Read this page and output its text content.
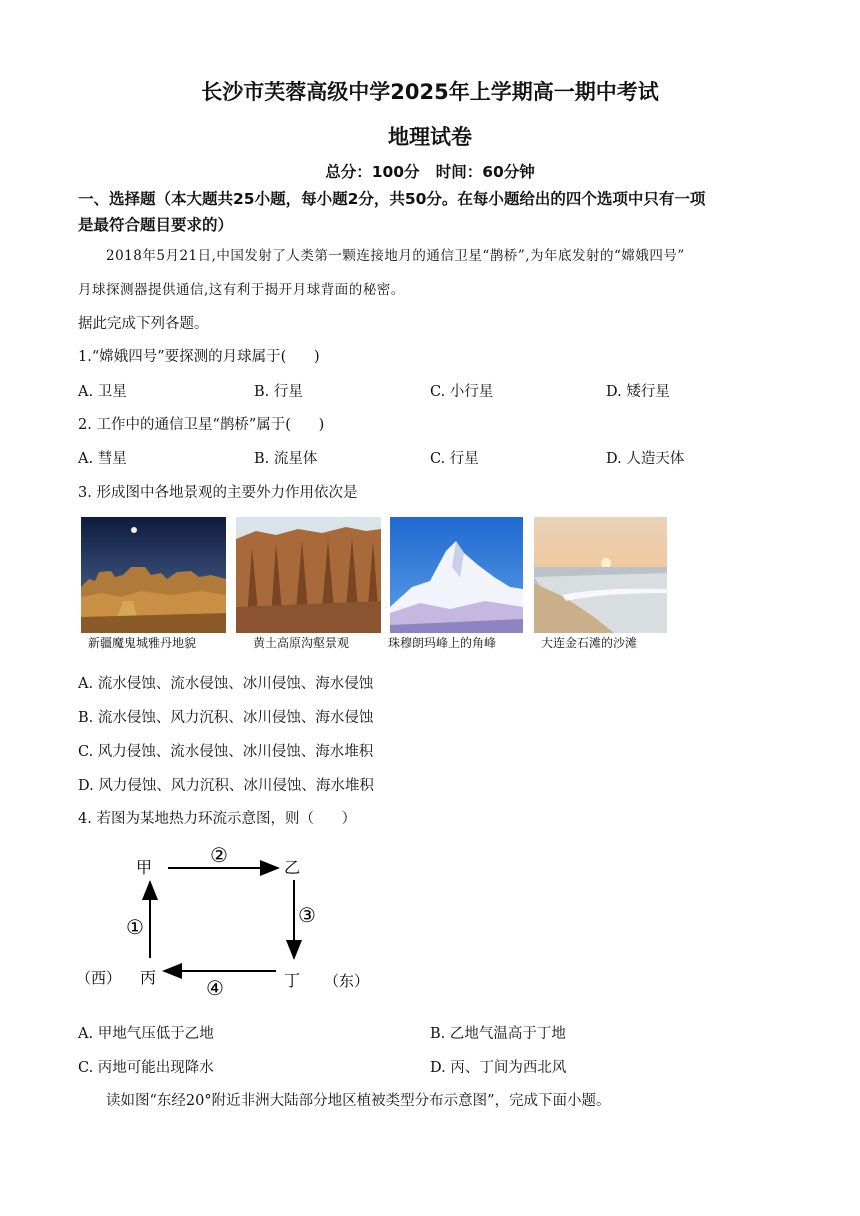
长沙市芙蓉高级中学2025年上学期高一期中考试
地理试卷
总分：100分   时间：60分钟
一、选择题（本大题共25小题，每小题2分，共50分。在每小题给出的四个选项中只有一项
是最符合题目要求的）
2018年5月21日,中国发射了人类第一颗连接地月的通信卫星“鹊桥”,为年底发射的“嫦娥四号”
月球探测器提供通信,这有利于揭开月球背面的秘密。
据此完成下列各题。
1.“嫦娥四号”要探测的月球属于(      )
A. 卫星	B. 行星	C. 小行星	D. 矮行星
2. 工作中的通信卫星“鹊桥”属于(      )
A. 彗星	B. 流星体	C. 行星	D. 人造天体
3. 形成图中各地景观的主要外力作用依次是
新疆魔鬼城雅丹地貌	黄土高原沟壑景观	珠穆朗玛峰上的角峰	大连金石滩的沙滩
A. 流水侵蚀、流水侵蚀、冰川侵蚀、海水侵蚀
B. 流水侵蚀、风力沉积、冰川侵蚀、海水侵蚀
C. 风力侵蚀、流水侵蚀、冰川侵蚀、海水堆积
D. 风力侵蚀、风力沉积、冰川侵蚀、海水堆积
4. 若图为某地热力环流示意图，则（      ）
甲	乙
丙	丁
（西）	（东）
①
②
③
④
A. 甲地气压低于乙地	B. 乙地气温高于丁地
C. 丙地可能出现降水	D. 丙、丁间为西北风
读如图“东经20°附近非洲大陆部分地区植被类型分布示意图”，完成下面小题。
